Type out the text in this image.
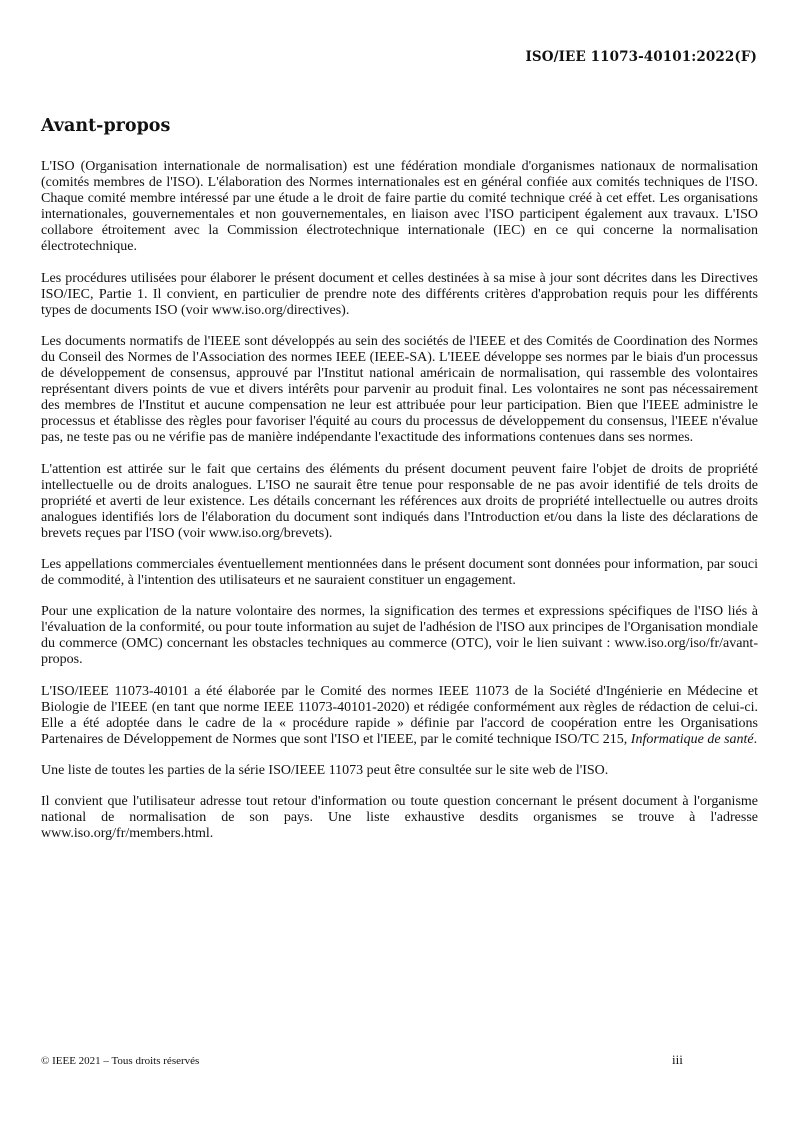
ISO/IEE 11073-40101:2022(F)
Avant-propos

L'ISO (Organisation internationale de normalisation) est une fédération mondiale d'organismes nationaux de normalisation (comités membres de l'ISO). L'élaboration des Normes internationales est en général confiée aux comités techniques de l'ISO. Chaque comité membre intéressé par une étude a le droit de faire partie du comité technique créé à cet effet. Les organisations internationales, gouvernementales et non gouvernementales, en liaison avec l'ISO participent également aux travaux. L'ISO collabore étroitement avec la Commission électrotechnique internationale (IEC) en ce qui concerne la normalisation électrotechnique.

Les procédures utilisées pour élaborer le présent document et celles destinées à sa mise à jour sont décrites dans les Directives ISO/IEC, Partie 1. Il convient, en particulier de prendre note des différents critères d'approbation requis pour les différents types de documents ISO (voir www.iso.org/directives).

Les documents normatifs de l'IEEE sont développés au sein des sociétés de l'IEEE et des Comités de Coordination des Normes du Conseil des Normes de l'Association des normes IEEE (IEEE-SA). L'IEEE développe ses normes par le biais d'un processus de développement de consensus, approuvé par l'Institut national américain de normalisation, qui rassemble des volontaires représentant divers points de vue et divers intérêts pour parvenir au produit final. Les volontaires ne sont pas nécessairement des membres de l'Institut et aucune compensation ne leur est attribuée pour leur participation. Bien que l'IEEE administre le processus et établisse des règles pour favoriser l'équité au cours du processus de développement du consensus, l'IEEE n'évalue pas, ne teste pas ou ne vérifie pas de manière indépendante l'exactitude des informations contenues dans ses normes.

L'attention est attirée sur le fait que certains des éléments du présent document peuvent faire l'objet de droits de propriété intellectuelle ou de droits analogues. L'ISO ne saurait être tenue pour responsable de ne pas avoir identifié de tels droits de propriété et averti de leur existence. Les détails concernant les références aux droits de propriété intellectuelle ou autres droits analogues identifiés lors de l'élaboration du document sont indiqués dans l'Introduction et/ou dans la liste des déclarations de brevets reçues par l'ISO (voir www.iso.org/brevets).

Les appellations commerciales éventuellement mentionnées dans le présent document sont données pour information, par souci de commodité, à l'intention des utilisateurs et ne sauraient constituer un engagement.

Pour une explication de la nature volontaire des normes, la signification des termes et expressions spécifiques de l'ISO liés à l'évaluation de la conformité, ou pour toute information au sujet de l'adhésion de l'ISO aux principes de l'Organisation mondiale du commerce (OMC) concernant les obstacles techniques au commerce (OTC), voir le lien suivant : www.iso.org/iso/fr/avant-propos.

L'ISO/IEEE 11073-40101 a été élaborée par le Comité des normes IEEE 11073 de la Société d'Ingénierie en Médecine et Biologie de l'IEEE (en tant que norme IEEE 11073-40101-2020) et rédigée conformément aux règles de rédaction de celui-ci. Elle a été adoptée dans le cadre de la « procédure rapide » définie par l'accord de coopération entre les Organisations Partenaires de Développement de Normes que sont l'ISO et l'IEEE, par le comité technique ISO/TC 215, Informatique de santé.

Une liste de toutes les parties de la série ISO/IEEE 11073 peut être consultée sur le site web de l'ISO.

Il convient que l'utilisateur adresse tout retour d'information ou toute question concernant le présent document à l'organisme national de normalisation de son pays. Une liste exhaustive desdits organismes se trouve à l'adresse www.iso.org/fr/members.html.

© IEEE 2021 – Tous droits réservés	iii
